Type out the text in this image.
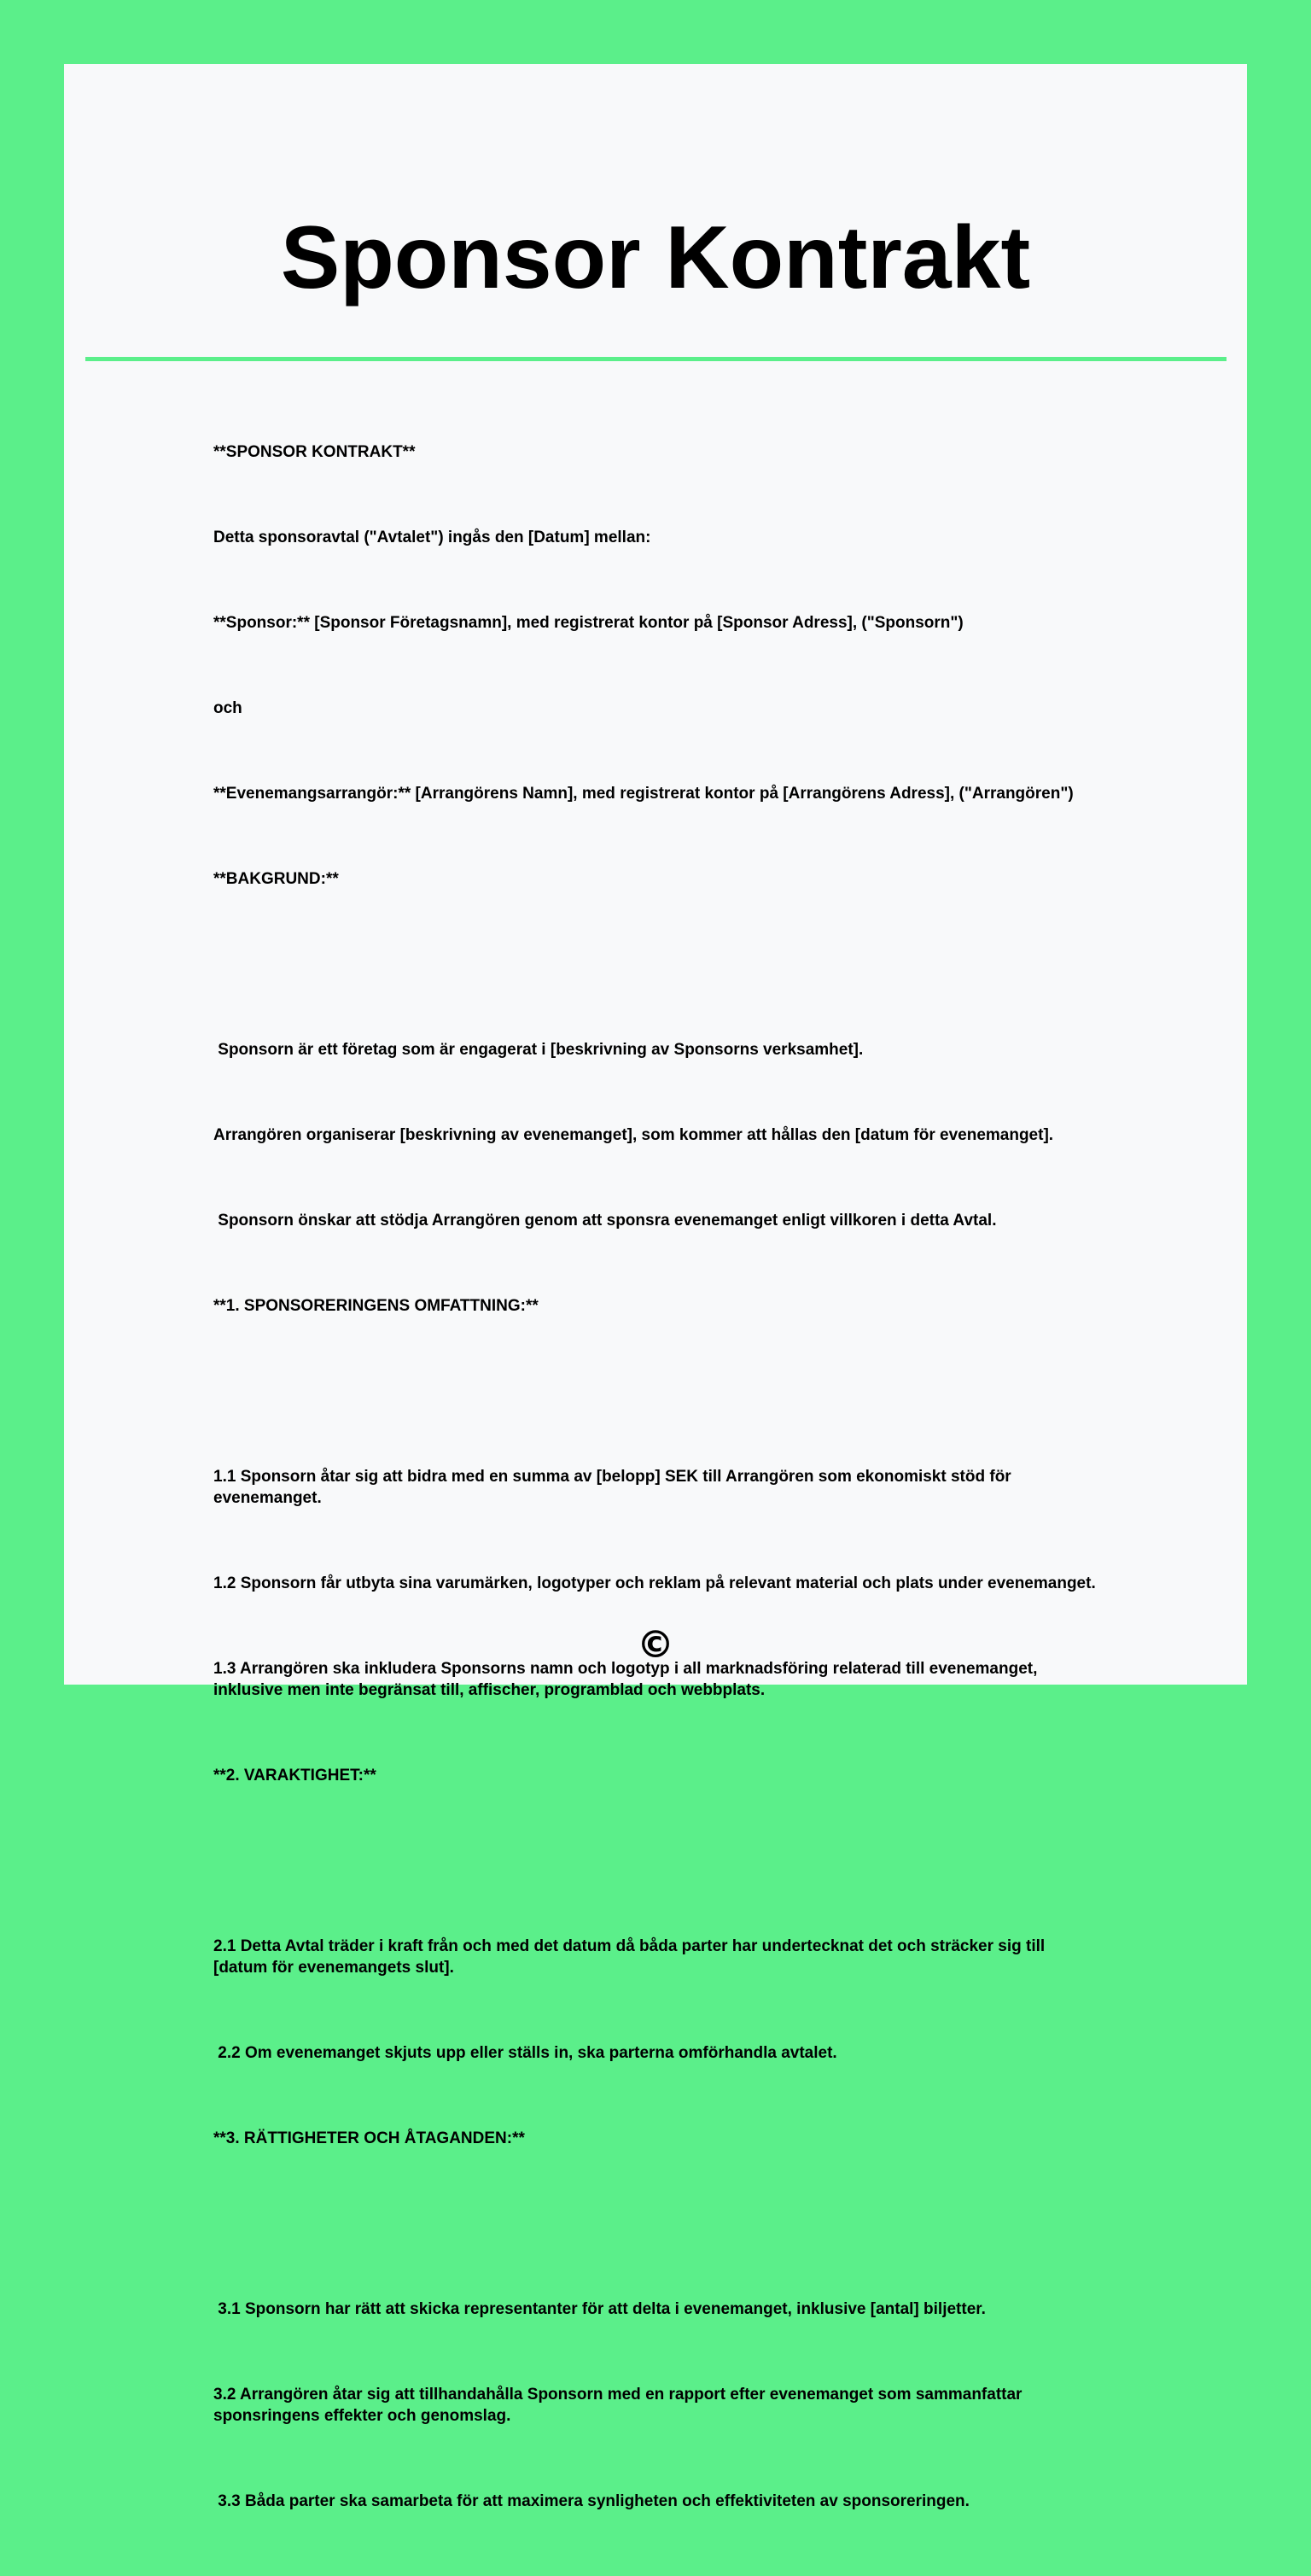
Sponsor Kontrakt

**SPONSOR KONTRAKT**

Detta sponsoravtal ("Avtalet") ingås den [Datum] mellan:

**Sponsor:** [Sponsor Företagsnamn], med registrerat kontor på [Sponsor Adress], ("Sponsorn")

och

**Evenemangsarrangör:** [Arrangörens Namn], med registrerat kontor på [Arrangörens Adress], ("Arrangören")

**BAKGRUND:**

Sponsorn är ett företag som är engagerat i [beskrivning av Sponsorns verksamhet].

Arrangören organiserar [beskrivning av evenemanget], som kommer att hållas den [datum för evenemanget].

Sponsorn önskar att stödja Arrangören genom att sponsra evenemanget enligt villkoren i detta Avtal.

**1. SPONSORERINGENS OMFATTNING:**

1.1 Sponsorn åtar sig att bidra med en summa av [belopp] SEK till Arrangören som ekonomiskt stöd för evenemanget.

1.2 Sponsorn får utbyta sina varumärken, logotyper och reklam på relevant material och plats under evenemanget.

1.3 Arrangören ska inkludera Sponsorns namn och logotyp i all marknadsföring relaterad till evenemanget, inklusive men inte begränsat till, affischer, programblad och webbplats.

**2. VARAKTIGHET:**

2.1 Detta Avtal träder i kraft från och med det datum då båda parter har undertecknat det och sträcker sig till [datum för evenemangets slut].

2.2 Om evenemanget skjuts upp eller ställs in, ska parterna omförhandla avtalet.

**3. RÄTTIGHETER OCH ÅTAGANDEN:**

3.1 Sponsorn har rätt att skicka representanter för att delta i evenemanget, inklusive [antal] biljetter.

3.2 Arrangören åtar sig att tillhandahålla Sponsorn med en rapport efter evenemanget som sammanfattar sponsringens effekter och genomslag.

3.3 Båda parter ska samarbeta för att maximera synligheten och effektiviteten av sponsoreringen.

©
